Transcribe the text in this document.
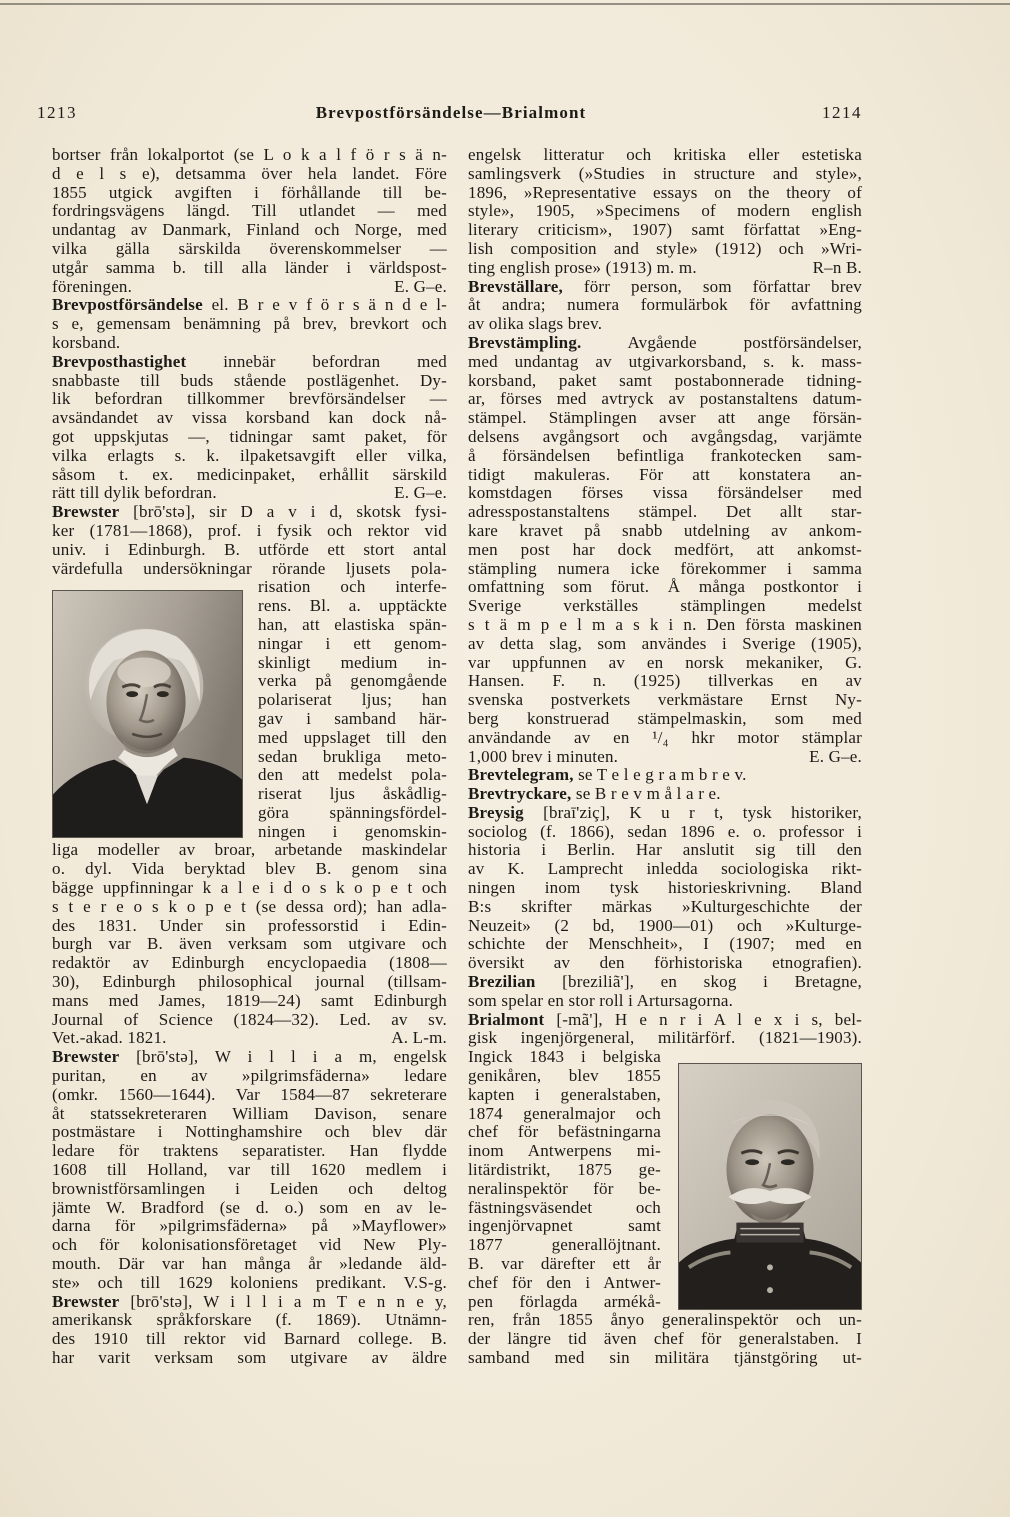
1213	Brevpostförsändelse—Brialmont	1214
bortser från lokalportot (se L o k a l f ö r s ä n-
d e l s e), detsamma över hela landet. Före
1855 utgick avgiften i förhållande till be-
fordringsvägens längd. Till utlandet — med
undantag av Danmark, Finland och Norge, med
vilka gälla särskilda överenskommelser —
utgår samma b. till alla länder i världspost-
föreningen.	E. G–e.
Brevpostförsändelse el. B r e v f ö r s ä n d e l-
s e, gemensam benämning på brev, brevkort och
korsband.
Brevposthastighet innebär befordran med
snabbaste till buds stående postlägenhet. Dy-
lik befordran tillkommer brevförsändelser —
avsändandet av vissa korsband kan dock nå-
got uppskjutas —, tidningar samt paket, för
vilka erlagts s. k. ilpaketsavgift eller vilka,
såsom t. ex. medicinpaket, erhållit särskild
rätt till dylik befordran.	E. G–e.
Brewster [brō'stə], sir D a v i d, skotsk fysi-
ker (1781—1868), prof. i fysik och rektor vid
univ. i Edinburgh. B. utförde ett stort antal
värdefulla undersökningar rörande ljusets pola-
risation och interfe-
rens. Bl. a. upptäckte
han, att elastiska spän-
ningar i ett genom-
skinligt medium in-
verka på genomgående
polariserat ljus; han
gav i samband här-
med uppslaget till den
sedan brukliga meto-
den att medelst pola-
riserat ljus åskådlig-
göra spänningsfördel-
ningen i genomskin-
liga modeller av broar, arbetande maskindelar
o. dyl. Vida beryktad blev B. genom sina
bägge uppfinningar k a l e i d o s k o p e t och
s t e r e o s k o p e t (se dessa ord); han adla-
des 1831. Under sin professorstid i Edin-
burgh var B. även verksam som utgivare och
redaktör av Edinburgh encyclopaedia (1808—
30), Edinburgh philosophical journal (tillsam-
mans med James, 1819—24) samt Edinburgh
Journal of Science (1824—32). Led. av sv.
Vet.-akad. 1821.	A. L-m.
Brewster [brō'stə], W i l l i a m, engelsk
puritan, en av »pilgrimsfäderna» ledare
(omkr. 1560—1644). Var 1584—87 sekreterare
åt statssekreteraren William Davison, senare
postmästare i Nottinghamshire och blev där
ledare för traktens separatister. Han flydde
1608 till Holland, var till 1620 medlem i
brownistförsamlingen i Leiden och deltog
jämte W. Bradford (se d. o.) som en av le-
darna för »pilgrimsfäderna» på »Mayflower»
och för kolonisationsföretaget vid New Ply-
mouth. Där var han många år »ledande äld-
ste» och till 1629 koloniens predikant. V.S-g.
Brewster [brō'stə], W i l l i a m T e n n e y,
amerikansk språkforskare (f. 1869). Utnämn-
des 1910 till rektor vid Barnard college. B.
har varit verksam som utgivare av äldre
engelsk litteratur och kritiska eller estetiska
samlingsverk (»Studies in structure and style»,
1896, »Representative essays on the theory of
style», 1905, »Specimens of modern english
literary criticism», 1907) samt författat »Eng-
lish composition and style» (1912) och »Wri-
ting english prose» (1913) m. m.	R–n B.
Brevställare, förr person, som författar brev
åt andra; numera formulärbok för avfattning
av olika slags brev.
Brevstämpling. Avgående postförsändelser,
med undantag av utgivarkorsband, s. k. mass-
korsband, paket samt postabonnerade tidning-
ar, förses med avtryck av postanstaltens datum-
stämpel. Stämplingen avser att ange försän-
delsens avgångsort och avgångsdag, varjämte
å försändelsen befintliga frankotecken sam-
tidigt makuleras. För att konstatera an-
komstdagen förses vissa försändelser med
adresspostanstaltens stämpel. Det allt star-
kare kravet på snabb utdelning av ankom-
men post har dock medfört, att ankomst-
stämpling numera icke förekommer i samma
omfattning som förut. Å många postkontor i
Sverige verkställes stämplingen medelst
s t ä m p e l m a s k i n. Den första maskinen
av detta slag, som användes i Sverige (1905),
var uppfunnen av en norsk mekaniker, G.
Hansen. F. n. (1925) tillverkas en av
svenska postverkets verkmästare Ernst Ny-
berg konstruerad stämpelmaskin, som med
användande av en ¹/₄ hkr motor stämplar
1,000 brev i minuten.	E. G–e.
Brevtelegram, se T e l e g r a m b r e v.
Brevtryckare, se B r e v m å l a r e.
Breysig [braī'ziç], K u r t, tysk historiker,
sociolog (f. 1866), sedan 1896 e. o. professor i
historia i Berlin. Har anslutit sig till den
av K. Lamprecht inledda sociologiska rikt-
ningen inom tysk historieskrivning. Bland
B:s skrifter märkas »Kulturgeschichte der
Neuzeit» (2 bd, 1900—01) och »Kulturge-
schichte der Menschheit», I (1907; med en
översikt av den förhistoriska etnografien).
Brezilian [breziliã'], en skog i Bretagne,
som spelar en stor roll i Artursagorna.
Brialmont [-mã'], H e n r i A l e x i s, bel-
gisk ingenjörgeneral, militärförf. (1821—1903).
Ingick 1843 i belgiska
genikåren, blev 1855
kapten i generalstaben,
1874 generalmajor och
chef för befästningarna
inom Antwerpens mi-
litärdistrikt, 1875 ge-
neralinspektör för be-
fästningsväsendet och
ingenjörvapnet samt
1877 generallöjtnant.
B. var därefter ett år
chef för den i Antwer-
pen förlagda armékå-
ren, från 1855 ånyo generalinspektör och un-
der längre tid även chef för generalstaben. I
samband med sin militära tjänstgöring ut-
